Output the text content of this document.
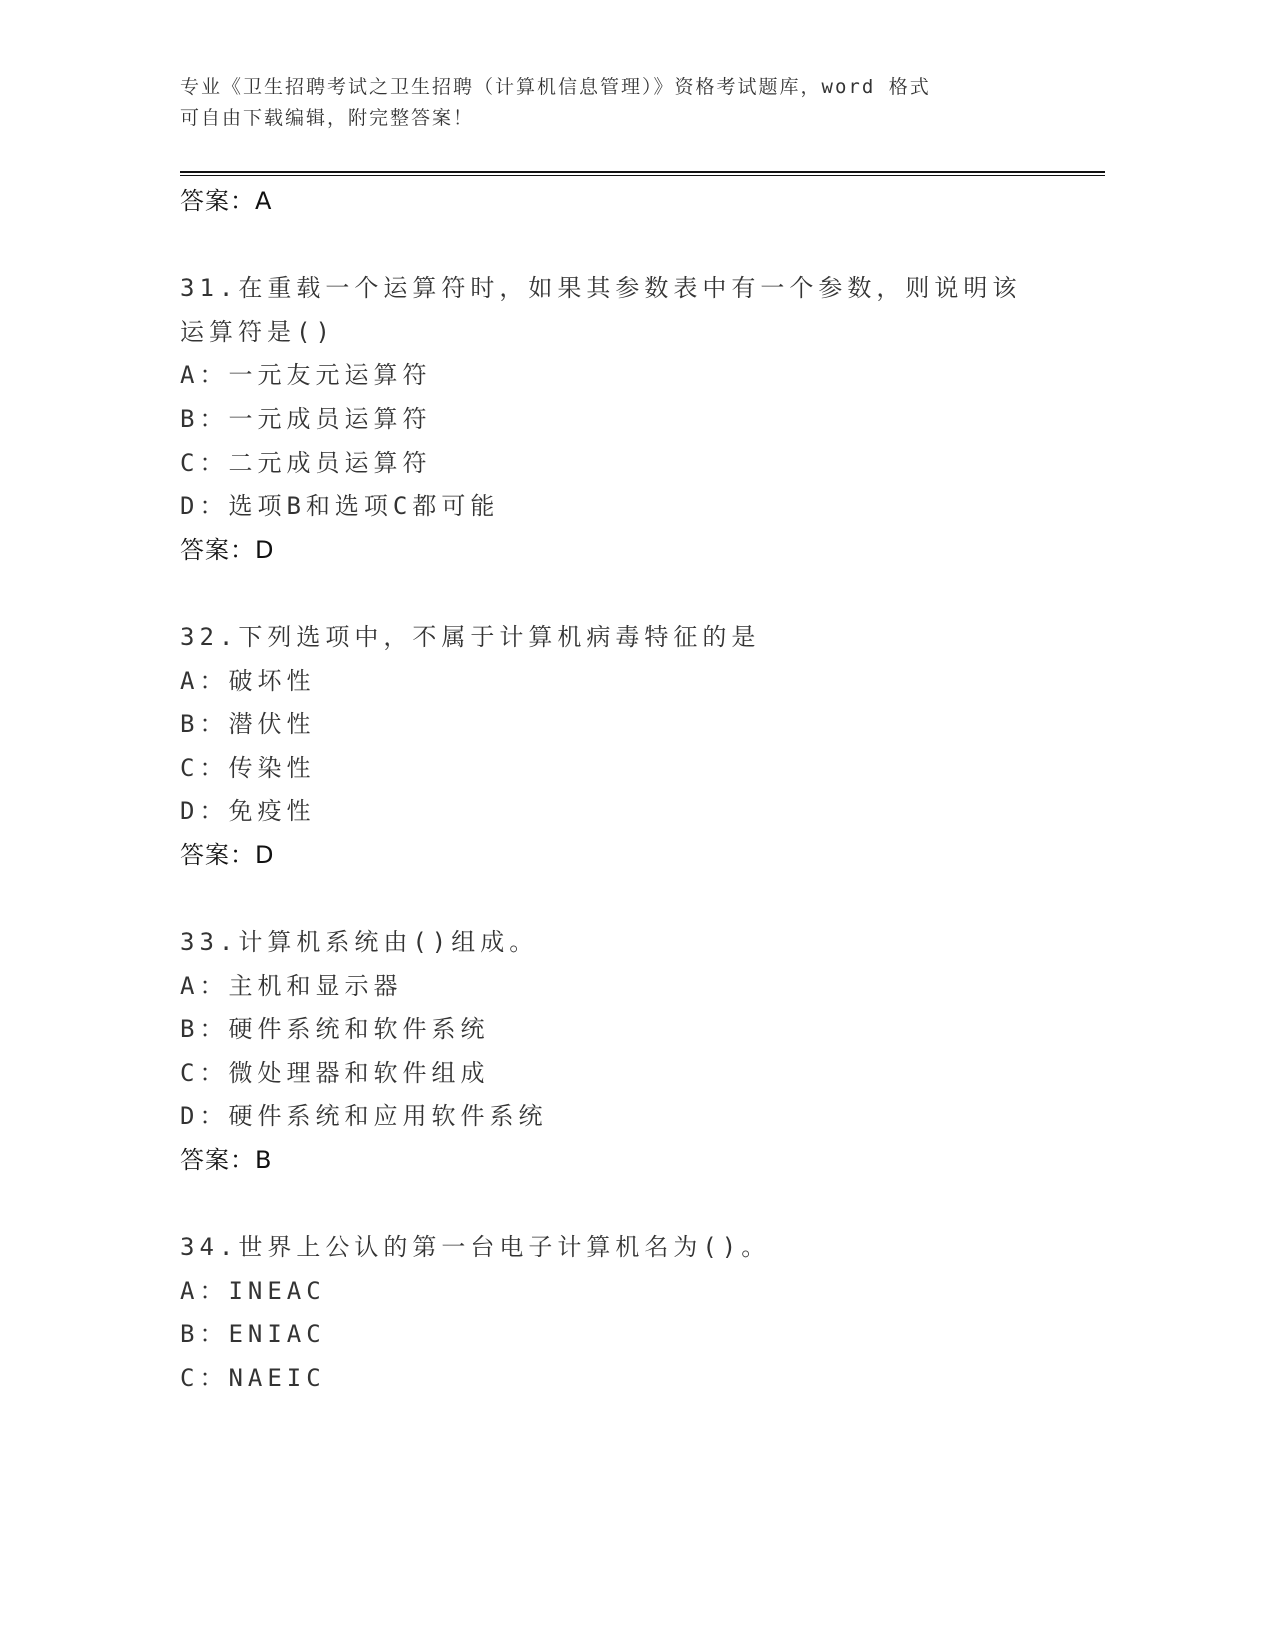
专业《卫生招聘考试之卫生招聘（计算机信息管理）》资格考试题库，word 格式
可自由下载编辑，附完整答案！
答案：A
31.在重载一个运算符时，如果其参数表中有一个参数，则说明该运算符是()
A：一元友元运算符
B：一元成员运算符
C：二元成员运算符
D：选项B和选项C都可能
答案：D
32.下列选项中，不属于计算机病毒特征的是
A：破坏性
B：潜伏性
C：传染性
D：免疫性
答案：D
33.计算机系统由()组成。
A：主机和显示器
B：硬件系统和软件系统
C：微处理器和软件组成
D：硬件系统和应用软件系统
答案：B
34.世界上公认的第一台电子计算机名为()。
A：INEAC
B：ENIAC
C：NAEIC
